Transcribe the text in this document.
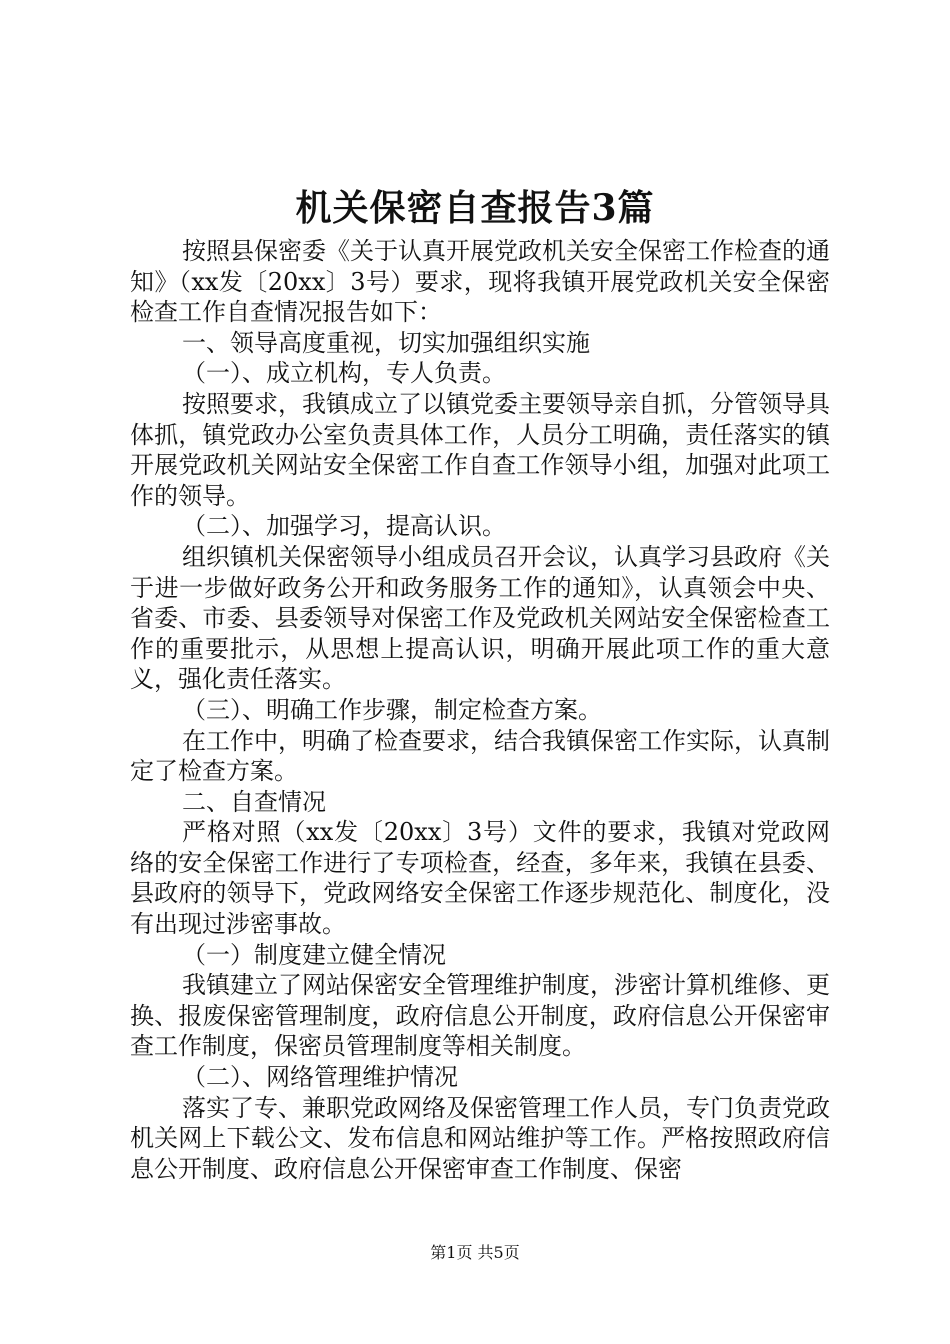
机关保密自查报告3篇

按照县保密委《关于认真开展党政机关安全保密工作检查的通知》（xx发〔20xx〕3号）要求，现将我镇开展党政机关安全保密检查工作自查情况报告如下：

一、领导高度重视，切实加强组织实施

（一）、成立机构，专人负责。

按照要求，我镇成立了以镇党委主要领导亲自抓，分管领导具体抓，镇党政办公室负责具体工作，人员分工明确，责任落实的镇开展党政机关网站安全保密工作自查工作领导小组，加强对此项工作的领导。

（二）、加强学习，提高认识。

组织镇机关保密领导小组成员召开会议，认真学习县政府《关于进一步做好政务公开和政务服务工作的通知》，认真领会中央、省委、市委、县委领导对保密工作及党政机关网站安全保密检查工作的重要批示，从思想上提高认识，明确开展此项工作的重大意义，强化责任落实。

（三）、明确工作步骤，制定检查方案。

在工作中，明确了检查要求，结合我镇保密工作实际，认真制定了检查方案。

二、自查情况

严格对照（xx发〔20xx〕3号）文件的要求，我镇对党政网络的安全保密工作进行了专项检查，经查，多年来，我镇在县委、县政府的领导下，党政网络安全保密工作逐步规范化、制度化，没有出现过涉密事故。

（一）制度建立健全情况

我镇建立了网站保密安全管理维护制度，涉密计算机维修、更换、报废保密管理制度，政府信息公开制度，政府信息公开保密审查工作制度，保密员管理制度等相关制度。

（二）、网络管理维护情况

落实了专、兼职党政网络及保密管理工作人员，专门负责党政机关网上下载公文、发布信息和网站维护等工作。严格按照政府信息公开制度、政府信息公开保密审查工作制度、保密

第1页 共5页
